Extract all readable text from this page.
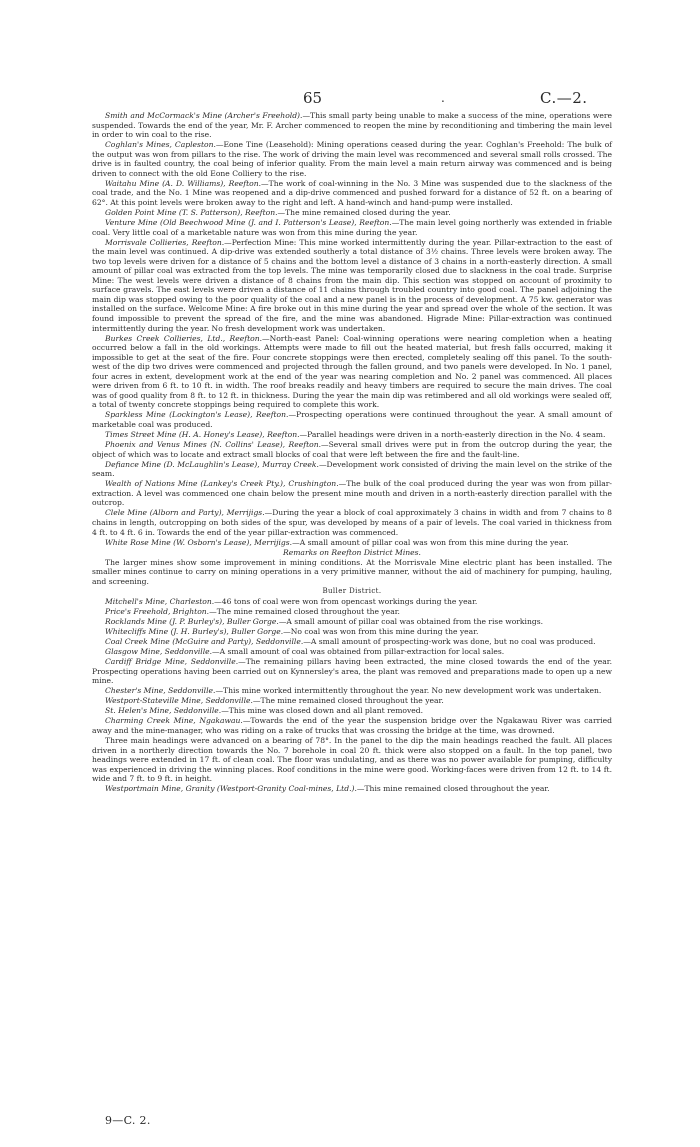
65	.	C.—2.

Smith and McCormack's Mine (Archer's Freehold).—This small party being unable to make a success of the mine, operations were suspended. Towards the end of the year, Mr. F. Archer commenced to reopen the mine by reconditioning and timbering the main level in order to win coal to the rise.

Coghlan's Mines, Capleston.—Eone Tine (Leasehold): Mining operations ceased during the year. Coghlan's Freehold: The bulk of the output was won from pillars to the rise. The work of driving the main level was recommenced and several small rolls crossed. The drive is in faulted country, the coal being of inferior quality. From the main level a main return airway was commenced and is being driven to connect with the old Eone Colliery to the rise.

Waitahu Mine (A. D. Williams), Reefton.—The work of coal-winning in the No. 3 Mine was suspended due to the slackness of the coal trade, and the No. 1 Mine was reopened and a dip-drive commenced and pushed forward for a distance of 52 ft. on a bearing of 62°. At this point levels were broken away to the right and left. A hand-winch and hand-pump were installed.

Golden Point Mine (T. S. Patterson), Reefton.—The mine remained closed during the year.

Venture Mine (Old Beechwood Mine (J. and I. Patterson's Lease), Reefton.—The main level going northerly was extended in friable coal. Very little coal of a marketable nature was won from this mine during the year.

Morrisvale Collieries, Reefton.—Perfection Mine: This mine worked intermittently during the year. Pillar-extraction to the east of the main level was continued. A dip-drive was extended southerly a total distance of 3½ chains. Three levels were broken away. The two top levels were driven for a distance of 5 chains and the bottom level a distance of 3 chains in a north-easterly direction. A small amount of pillar coal was extracted from the top levels. The mine was temporarily closed due to slackness in the coal trade. Surprise Mine: The west levels were driven a distance of 8 chains from the main dip. This section was stopped on account of proximity to surface gravels. The east levels were driven a distance of 11 chains through troubled country into good coal. The panel adjoining the main dip was stopped owing to the poor quality of the coal and a new panel is in the process of development. A 75 kw. generator was installed on the surface. Welcome Mine: A fire broke out in this mine during the year and spread over the whole of the section. It was found impossible to prevent the spread of the fire, and the mine was abandoned. Higrade Mine: Pillar-extraction was continued intermittently during the year. No fresh development work was undertaken.

Burkes Creek Collieries, Ltd., Reefton.—North-east Panel: Coal-winning operations were nearing completion when a heating occurred below a fall in the old workings. Attempts were made to fill out the heated material, but fresh falls occurred, making it impossible to get at the seat of the fire. Four concrete stoppings were then erected, completely sealing off this panel. To the south-west of the dip two drives were commenced and projected through the fallen ground, and two panels were developed. In No. 1 panel, four acres in extent, development work at the end of the year was nearing completion and No. 2 panel was commenced. All places were driven from 6 ft. to 10 ft. in width. The roof breaks readily and heavy timbers are required to secure the main drives. The coal was of good quality from 8 ft. to 12 ft. in thickness. During the year the main dip was retimbered and all old workings were sealed off, a total of twenty concrete stoppings being required to complete this work.

Sparkless Mine (Lockington's Lease), Reefton.—Prospecting operations were continued throughout the year. A small amount of marketable coal was produced.

Times Street Mine (H. A. Honey's Lease), Reefton.—Parallel headings were driven in a north-easterly direction in the No. 4 seam.

Phoenix and Venus Mines (N. Collins' Lease), Reefton.—Several small drives were put in from the outcrop during the year, the object of which was to locate and extract small blocks of coal that were left between the fire and the fault-line.

Defiance Mine (D. McLaughlin's Lease), Murray Creek.—Development work consisted of driving the main level on the strike of the seam.

Wealth of Nations Mine (Lankey's Creek Pty.), Crushington.—The bulk of the coal produced during the year was won from pillar-extraction. A level was commenced one chain below the present mine mouth and driven in a north-easterly direction parallel with the outcrop.

Clele Mine (Alborn and Party), Merrijigs.—During the year a block of coal approximately 3 chains in width and from 7 chains to 8 chains in length, outcropping on both sides of the spur, was developed by means of a pair of levels. The coal varied in thickness from 4 ft. to 4 ft. 6 in. Towards the end of the year pillar-extraction was commenced.

White Rose Mine (W. Osborn's Lease), Merrijigs.—A small amount of pillar coal was won from this mine during the year.

Remarks on Reefton District Mines.

The larger mines show some improvement in mining conditions. At the Morrisvale Mine electric plant has been installed. The smaller mines continue to carry on mining operations in a very primitive manner, without the aid of machinery for pumping, hauling, and screening.

Buller District.

Mitchell's Mine, Charleston.—46 tons of coal were won from opencast workings during the year.

Price's Freehold, Brighton.—The mine remained closed throughout the year.

Rocklands Mine (J. P. Burley's), Buller Gorge.—A small amount of pillar coal was obtained from the rise workings.

Whitecliffs Mine (J. H. Burley's), Buller Gorge.—No coal was won from this mine during the year.

Coal Creek Mine (McGuire and Party), Seddonville.—A small amount of prospecting-work was done, but no coal was produced.

Glasgow Mine, Seddonville.—A small amount of coal was obtained from pillar-extraction for local sales.

Cardiff Bridge Mine, Seddonville.—The remaining pillars having been extracted, the mine closed towards the end of the year. Prospecting operations having been carried out on Kynnersley's area, the plant was removed and preparations made to open up a new mine.

Chester's Mine, Seddonville.—This mine worked intermittently throughout the year. No new development work was undertaken.

Westport-Stateville Mine, Seddonville.—The mine remained closed throughout the year.

St. Helen's Mine, Seddonville.—This mine was closed down and all plant removed.

Charming Creek Mine, Ngakawau.—Towards the end of the year the suspension bridge over the Ngakawau River was carried away and the mine-manager, who was riding on a rake of trucks that was crossing the bridge at the time, was drowned.

Three main headings were advanced on a bearing of 78°. In the panel to the dip the main headings reached the fault. All places driven in a northerly direction towards the No. 7 borehole in coal 20 ft. thick were also stopped on a fault. In the top panel, two headings were extended in 17 ft. of clean coal. The floor was undulating, and as there was no power available for pumping, difficulty was experienced in driving the winning places. Roof conditions in the mine were good. Working-faces were driven from 12 ft. to 14 ft. wide and 7 ft. to 9 ft. in height.

Westportmain Mine, Granity (Westport-Granity Coal-mines, Ltd.).—This mine remained closed throughout the year.

9—C. 2.
